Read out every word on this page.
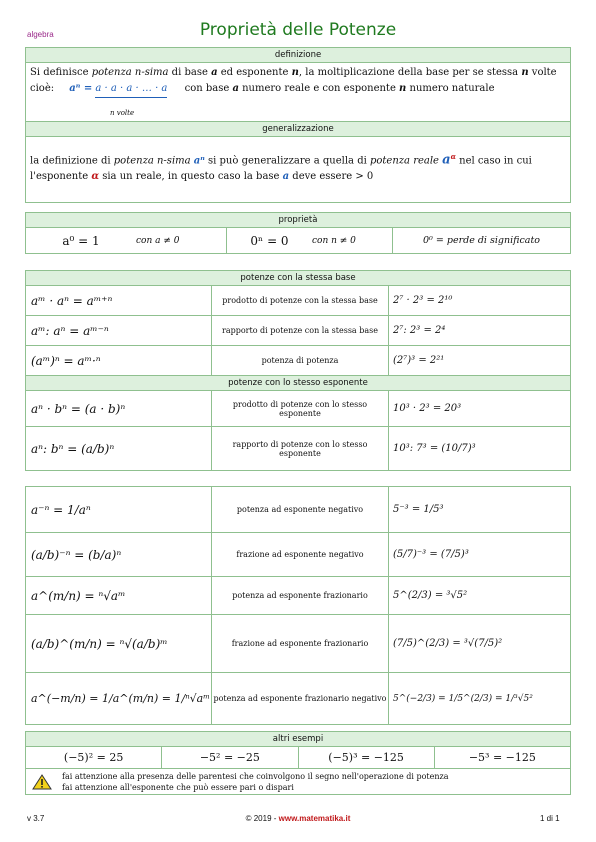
algebra	Proprietà delle Potenze
definizione
Si definisce potenza n-sima di base a ed esponente n, la moltiplicazione della base per se stessa n volte
cioè: aⁿ = a · a · a · … · a con base a numero reale e con esponente n numero naturale
n volte
generalizzazione
la definizione di potenza n-sima aⁿ si può generalizzare a quella di potenza reale $a^\alpha$ nel caso in cui
l'esponente α sia un reale, in questo caso la base a deve essere > 0
proprietà
a⁰ = 1	con a ≠ 0	0ⁿ = 0	con n ≠ 0	0⁰ = perde di significato
potenze con la stessa base		
aᵐ · aⁿ = aᵐ⁺ⁿ	prodotto di potenze con la stessa base	2⁷ · 2³ = 2¹⁰
aᵐ: aⁿ = aᵐ⁻ⁿ	rapporto di potenze con la stessa base	2⁷: 2³ = 2⁴
(aᵐ)ⁿ = aᵐ·ⁿ	potenza di potenza	(2⁷)³ = 2²¹
potenze con lo stesso esponente		
aⁿ · bⁿ = (a · b)ⁿ	prodotto di potenze con lo stesso esponente	10³ · 2³ = 20³
aⁿ: bⁿ = (a/b)ⁿ	rapporto di potenze con lo stesso esponente	10³: 7³ = (10/7)³
a⁻ⁿ = 1/aⁿ	potenza ad esponente negativo	5⁻³ = 1/5³
(a/b)⁻ⁿ = (b/a)ⁿ	frazione ad esponente negativo	(5/7)⁻³ = (7/5)³
a^(m/n) = ⁿ√aᵐ	potenza ad esponente frazionario	5^(2/3) = ³√5²
(a/b)^(m/n) = ⁿ√(a/b)ᵐ	frazione ad esponente frazionario	(7/5)^(2/3) = ³√(7/5)²
a^(−m/n) = 1/a^(m/n) = 1/ⁿ√aᵐ	potenza ad esponente frazionario negativo	5^(−2/3) = 1/5^(2/3) = 1/³√5²
altri esempi
(−5)² = 25	−5² = −25	(−5)³ = −125	−5³ = −125

fai attenzione alla presenza delle parentesi che coinvolgono il segno nell'operazione di potenza
fai attenzione all'esponente che può essere pari o dispari
v 3.7	© 2019 - www.matematika.it	1 di 1
